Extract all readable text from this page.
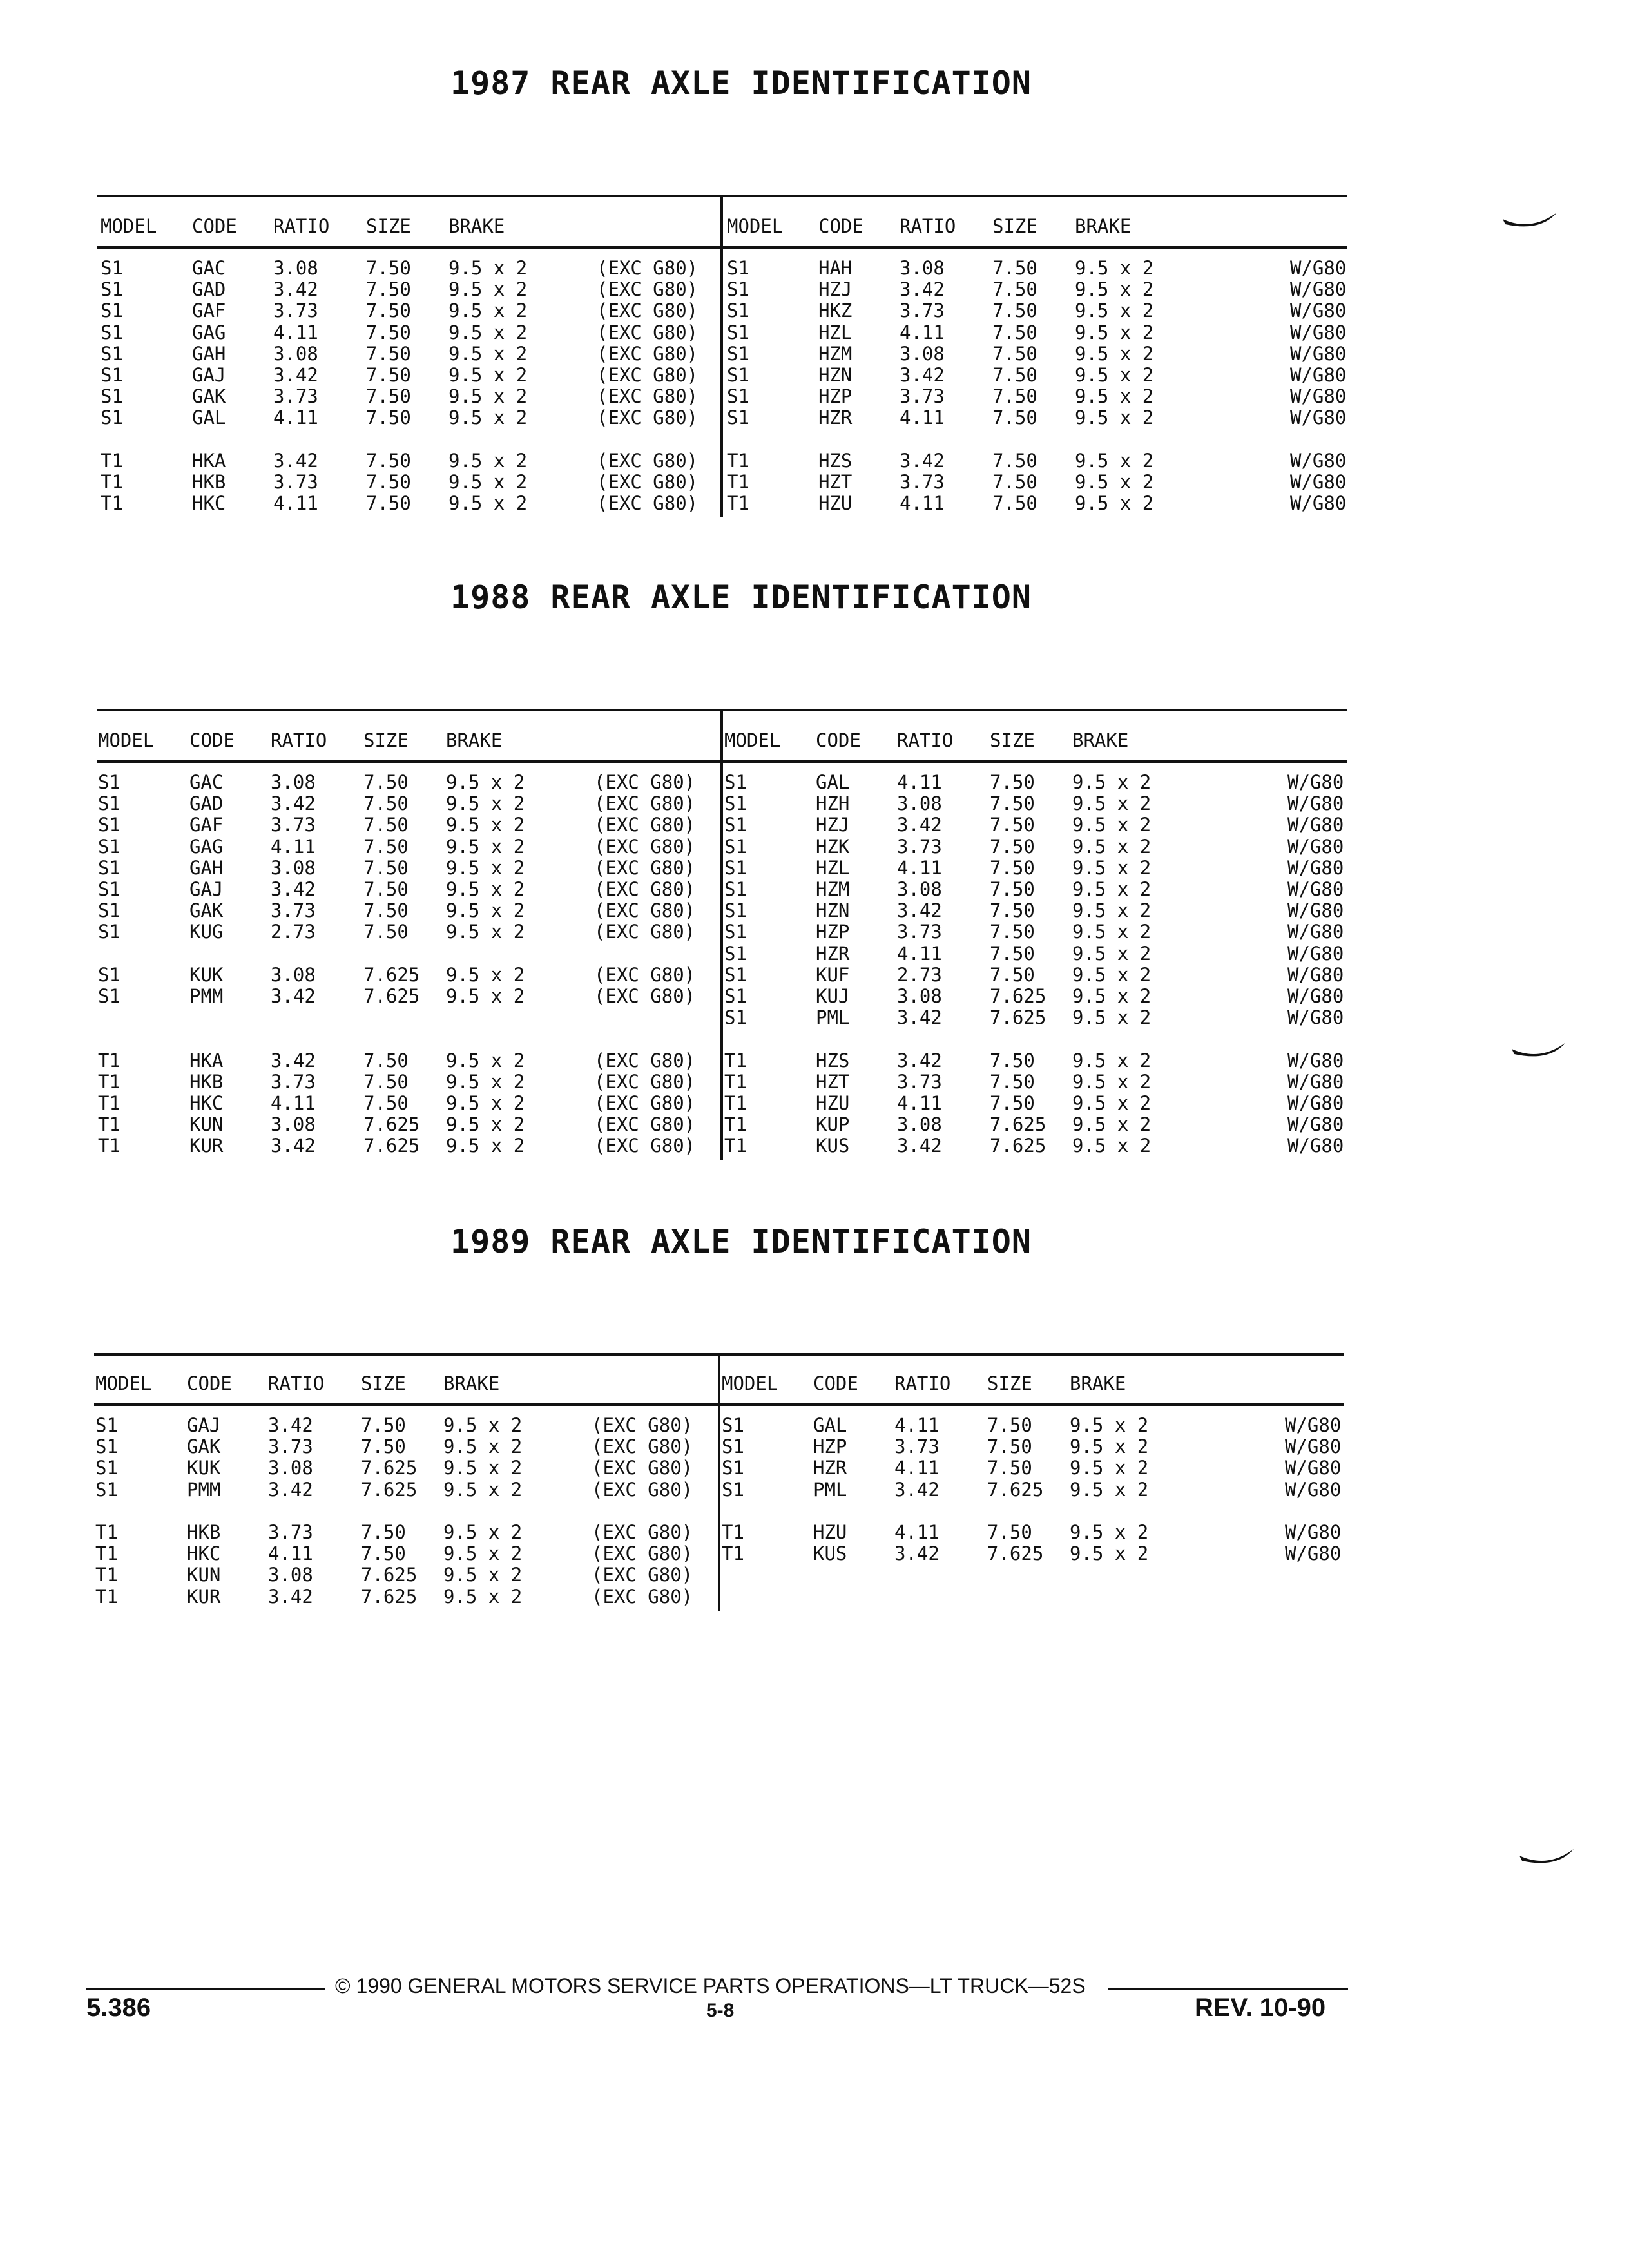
1987 REAR AXLE IDENTIFICATION
MODEL CODE RATIO SIZE BRAKE	MODEL CODE RATIO SIZE BRAKE
S1	GAC	3.08	7.50 9.5 x 2	(EXC G80)
S1	GAD	3.42	7.50 9.5 x 2	(EXC G80)
S1	GAF	3.73	7.50 9.5 x 2	(EXC G80)
S1	GAG	4.11	7.50 9.5 x 2	(EXC G80)
S1	GAH	3.08	7.50 9.5 x 2	(EXC G80)
S1	GAJ	3.42	7.50 9.5 x 2	(EXC G80)
S1	GAK	3.73	7.50 9.5 x 2	(EXC G80)
S1	GAL	4.11	7.50 9.5 x 2	(EXC G80)
T1	HKA	3.42	7.50 9.5 x 2	(EXC G80)
T1	HKB	3.73	7.50 9.5 x 2	(EXC G80)
T1	HKC	4.11	7.50 9.5 x 2	(EXC G80)
S1	HAH	3.08	7.50 9.5 x 2	W/G80
S1	HZJ	3.42	7.50 9.5 x 2	W/G80
S1	HKZ	3.73	7.50 9.5 x 2	W/G80
S1	HZL	4.11	7.50 9.5 x 2	W/G80
S1	HZM	3.08	7.50 9.5 x 2	W/G80
S1	HZN	3.42	7.50 9.5 x 2	W/G80
S1	HZP	3.73	7.50 9.5 x 2	W/G80
S1	HZR	4.11	7.50 9.5 x 2	W/G80
T1	HZS	3.42	7.50 9.5 x 2	W/G80
T1	HZT	3.73	7.50 9.5 x 2	W/G80
T1	HZU	4.11	7.50 9.5 x 2	W/G80
1988 REAR AXLE IDENTIFICATION
MODEL CODE RATIO SIZE BRAKE	MODEL CODE RATIO SIZE BRAKE
S1	GAC	3.08	7.50 9.5 x 2	(EXC G80)
S1	GAD	3.42	7.50 9.5 x 2	(EXC G80)
S1	GAF	3.73	7.50 9.5 x 2	(EXC G80)
S1	GAG	4.11	7.50 9.5 x 2	(EXC G80)
S1	GAH	3.08	7.50 9.5 x 2	(EXC G80)
S1	GAJ	3.42	7.50 9.5 x 2	(EXC G80)
S1	GAK	3.73	7.50 9.5 x 2	(EXC G80)
S1	KUG	2.73	7.50 9.5 x 2	(EXC G80)
S1	KUK	3.08	7.625 9.5 x 2	(EXC G80)
S1	PMM	3.42	7.625 9.5 x 2	(EXC G80)
T1	HKA	3.42	7.50 9.5 x 2	(EXC G80)
T1	HKB	3.73	7.50 9.5 x 2	(EXC G80)
T1	HKC	4.11	7.50 9.5 x 2	(EXC G80)
T1	KUN	3.08	7.625 9.5 x 2	(EXC G80)
T1	KUR	3.42	7.625 9.5 x 2	(EXC G80)
S1	GAL	4.11	7.50 9.5 x 2	W/G80
S1	HZH	3.08	7.50 9.5 x 2	W/G80
S1	HZJ	3.42	7.50 9.5 x 2	W/G80
S1	HZK	3.73	7.50 9.5 x 2	W/G80
S1	HZL	4.11	7.50 9.5 x 2	W/G80
S1	HZM	3.08	7.50 9.5 x 2	W/G80
S1	HZN	3.42	7.50 9.5 x 2	W/G80
S1	HZP	3.73	7.50 9.5 x 2	W/G80
S1	HZR	4.11	7.50 9.5 x 2	W/G80
S1	KUF	2.73	7.50 9.5 x 2	W/G80
S1	KUJ	3.08	7.625 9.5 x 2	W/G80
S1	PML	3.42	7.625 9.5 x 2	W/G80
T1	HZS	3.42	7.50 9.5 x 2	W/G80
T1	HZT	3.73	7.50 9.5 x 2	W/G80
T1	HZU	4.11	7.50 9.5 x 2	W/G80
T1	KUP	3.08	7.625 9.5 x 2	W/G80
T1	KUS	3.42	7.625 9.5 x 2	W/G80
1989 REAR AXLE IDENTIFICATION
MODEL CODE RATIO SIZE BRAKE	MODEL CODE RATIO SIZE BRAKE
S1	GAJ	3.42	7.50 9.5 x 2	(EXC G80)
S1	GAK	3.73	7.50 9.5 x 2	(EXC G80)
S1	KUK	3.08	7.625 9.5 x 2	(EXC G80)
S1	PMM	3.42	7.625 9.5 x 2	(EXC G80)
T1	HKB	3.73	7.50 9.5 x 2	(EXC G80)
T1	HKC	4.11	7.50 9.5 x 2	(EXC G80)
T1	KUN	3.08	7.625 9.5 x 2	(EXC G80)
T1	KUR	3.42	7.625 9.5 x 2	(EXC G80)
S1	GAL	4.11	7.50 9.5 x 2	W/G80
S1	HZP	3.73	7.50 9.5 x 2	W/G80
S1	HZR	4.11	7.50 9.5 x 2	W/G80
S1	PML	3.42	7.625 9.5 x 2	W/G80
T1	HZU	4.11	7.50 9.5 x 2	W/G80
T1	KUS	3.42	7.625 9.5 x 2	W/G80
© 1990 GENERAL MOTORS SERVICE PARTS OPERATIONS—LT TRUCK—52S
5.386	5-8	REV. 10-90
